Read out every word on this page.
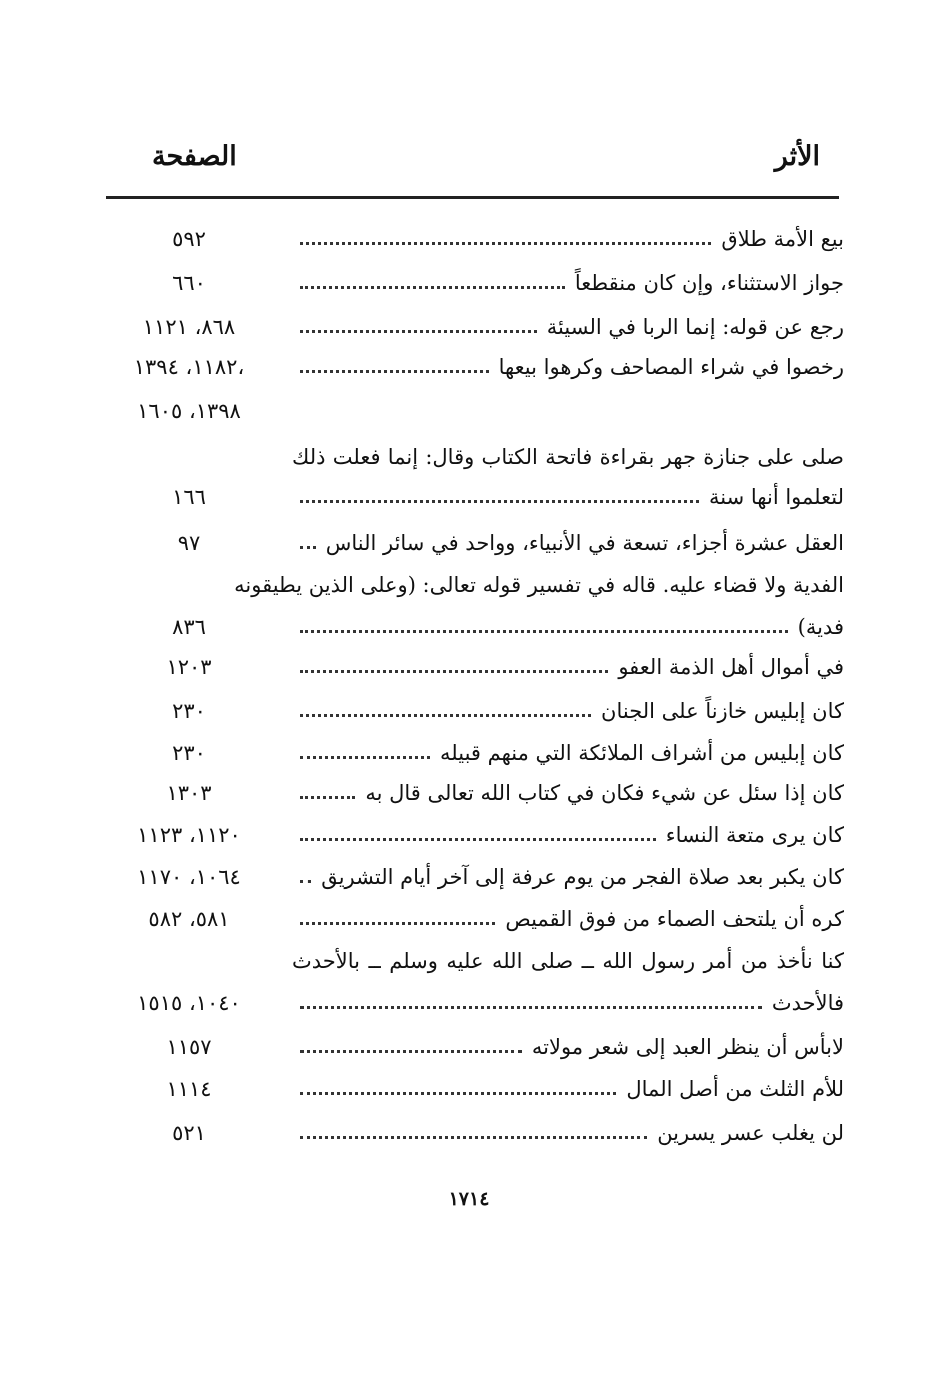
الأثر
الصفحة
بيع الأمة طلاق
٥٩٢
جواز الاستثناء، وإن كان منقطعاً
٦٦٠
رجع عن قوله: إنما الربا في السيئة
٨٦٨، ١١٢١
رخصوا في شراء المصاحف وكرهوا بيعها
١١٨٢، ١٣٩٤،
١٣٩٨، ١٦٠٥
صلى على جنازة جهر بقراءة فاتحة الكتاب وقال: إنما فعلت ذلك
لتعلموا أنها سنة
١٦٦
العقل عشرة أجزاء، تسعة في الأنبياء، وواحد في سائر الناس
٩٧
الفدية ولا قضاء عليه. قاله في تفسير قوله تعالى: (وعلى الذين يطيقونه
فدية)
٨٣٦
في أموال أهل الذمة العفو
١٢٠٣
كان إبليس خازناً على الجنان
٢٣٠
كان إبليس من أشراف الملائكة التي منهم قبيله
٢٣٠
كان إذا سئل عن شيء فكان في كتاب الله تعالى قال به
١٣٠٣
كان يرى متعة النساء
١١٢٠، ١١٢٣
كان يكبر بعد صلاة الفجر من يوم عرفة إلى آخر أيام التشريق
١٠٦٤، ١١٧٠
كره أن يلتحف الصماء من فوق القميص
٥٨١، ٥٨٢
كنا نأخذ من أمر رسول الله ــ صلى الله عليه وسلم ــ بالأحدث
فالأحدث
١٠٤٠، ١٥١٥
لابأس أن ينظر العبد إلى شعر مولاته
١١٥٧
للأم الثلث من أصل المال
١١١٤
لن يغلب عسر يسرين
٥٢١
١٧١٤
